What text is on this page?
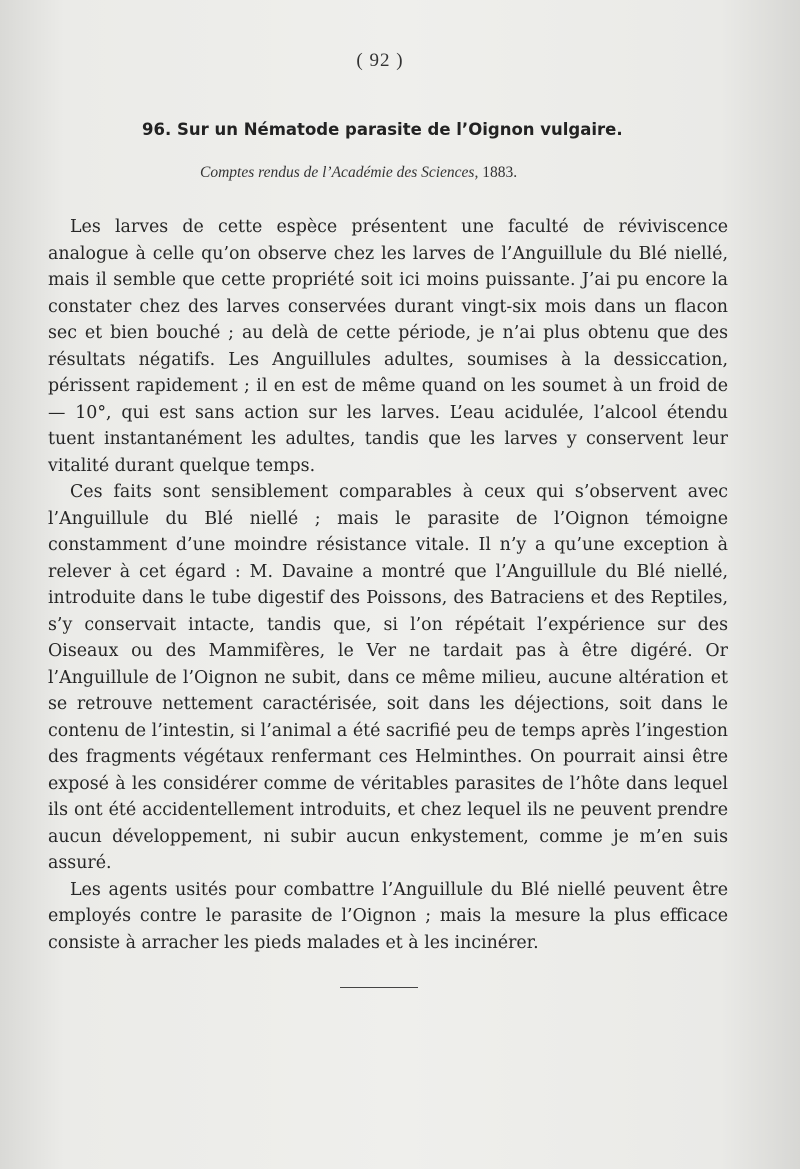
( 92 )
96. Sur un Nématode parasite de l’Oignon vulgaire.
Comptes rendus de l’Académie des Sciences, 1883.

Les larves de cette espèce présentent une faculté de réviviscence analogue à celle qu’on observe chez les larves de l’Anguillule du Blé niellé, mais il semble que cette propriété soit ici moins puissante. J’ai pu encore la constater chez des larves conservées durant vingt-six mois dans un flacon sec et bien bouché ; au delà de cette période, je n’ai plus obtenu que des résultats négatifs. Les Anguillules adultes, soumises à la dessiccation, périssent rapidement ; il en est de même quand on les soumet à un froid de — 10°, qui est sans action sur les larves. L’eau acidulée, l’alcool étendu tuent instantanément les adultes, tandis que les larves y conservent leur vitalité durant quelque temps.

Ces faits sont sensiblement comparables à ceux qui s’observent avec l’Anguillule du Blé niellé ; mais le parasite de l’Oignon témoigne constamment d’une moindre résistance vitale. Il n’y a qu’une exception à relever à cet égard : M. Davaine a montré que l’Anguillule du Blé niellé, introduite dans le tube digestif des Poissons, des Batraciens et des Reptiles, s’y conservait intacte, tandis que, si l’on répétait l’expérience sur des Oiseaux ou des Mammifères, le Ver ne tardait pas à être digéré. Or l’Anguillule de l’Oignon ne subit, dans ce même milieu, aucune altération et se retrouve nettement caractérisée, soit dans les déjections, soit dans le contenu de l’intestin, si l’animal a été sacrifié peu de temps après l’ingestion des fragments végétaux renfermant ces Helminthes. On pourrait ainsi être exposé à les considérer comme de véritables parasites de l’hôte dans lequel ils ont été accidentellement introduits, et chez lequel ils ne peuvent prendre aucun développement, ni subir aucun enkystement, comme je m’en suis assuré.

Les agents usités pour combattre l’Anguillule du Blé niellé peuvent être employés contre le parasite de l’Oignon ; mais la mesure la plus efficace consiste à arracher les pieds malades et à les incinérer.
